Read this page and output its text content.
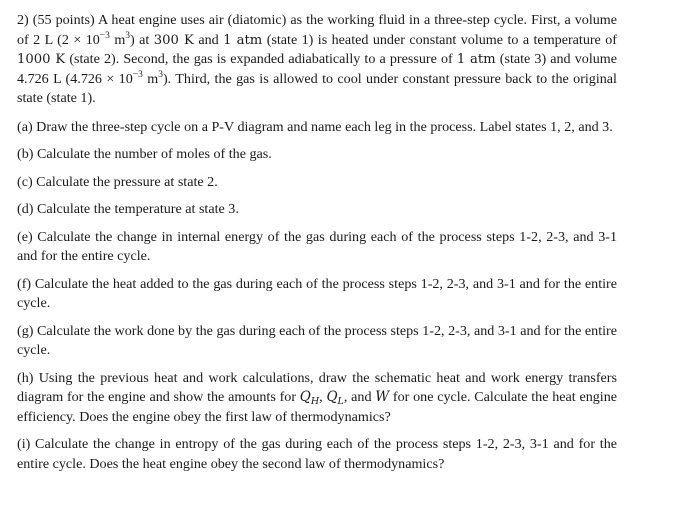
2) (55 points) A heat engine uses air (diatomic) as the working fluid in a three-step cycle. First, a volume of 2 L ($2 \times 10^{-3}$ $m^3$) at 300 K and 1 atm (state 1) is heated under constant volume to a temperature of 1000 K (state 2). Second, the gas is expanded adiabatically to a pressure of 1 atm (state 3) and volume 4.726 L ($4.726 \times 10^{-3}$ $m^3$). Third, the gas is allowed to cool under constant pressure back to the original state (state 1).

(a) Draw the three-step cycle on a P-V diagram and name each leg in the process. Label states 1, 2, and 3.

(b) Calculate the number of moles of the gas.

(c) Calculate the pressure at state 2.

(d) Calculate the temperature at state 3.

(e) Calculate the change in internal energy of the gas during each of the process steps 1-2, 2-3, and 3-1 and for the entire cycle.

(f) Calculate the heat added to the gas during each of the process steps 1-2, 2-3, and 3-1 and for the entire cycle.

(g) Calculate the work done by the gas during each of the process steps 1-2, 2-3, and 3-1 and for the entire cycle.

(h) Using the previous heat and work calculations, draw the schematic heat and work energy transfers diagram for the engine and show the amounts for $Q_H$, $Q_L$, and W for one cycle. Calculate the heat engine efficiency. Does the engine obey the first law of thermodynamics?

(i) Calculate the change in entropy of the gas during each of the process steps 1-2, 2-3, 3-1 and for the entire cycle. Does the heat engine obey the second law of thermodynamics?
